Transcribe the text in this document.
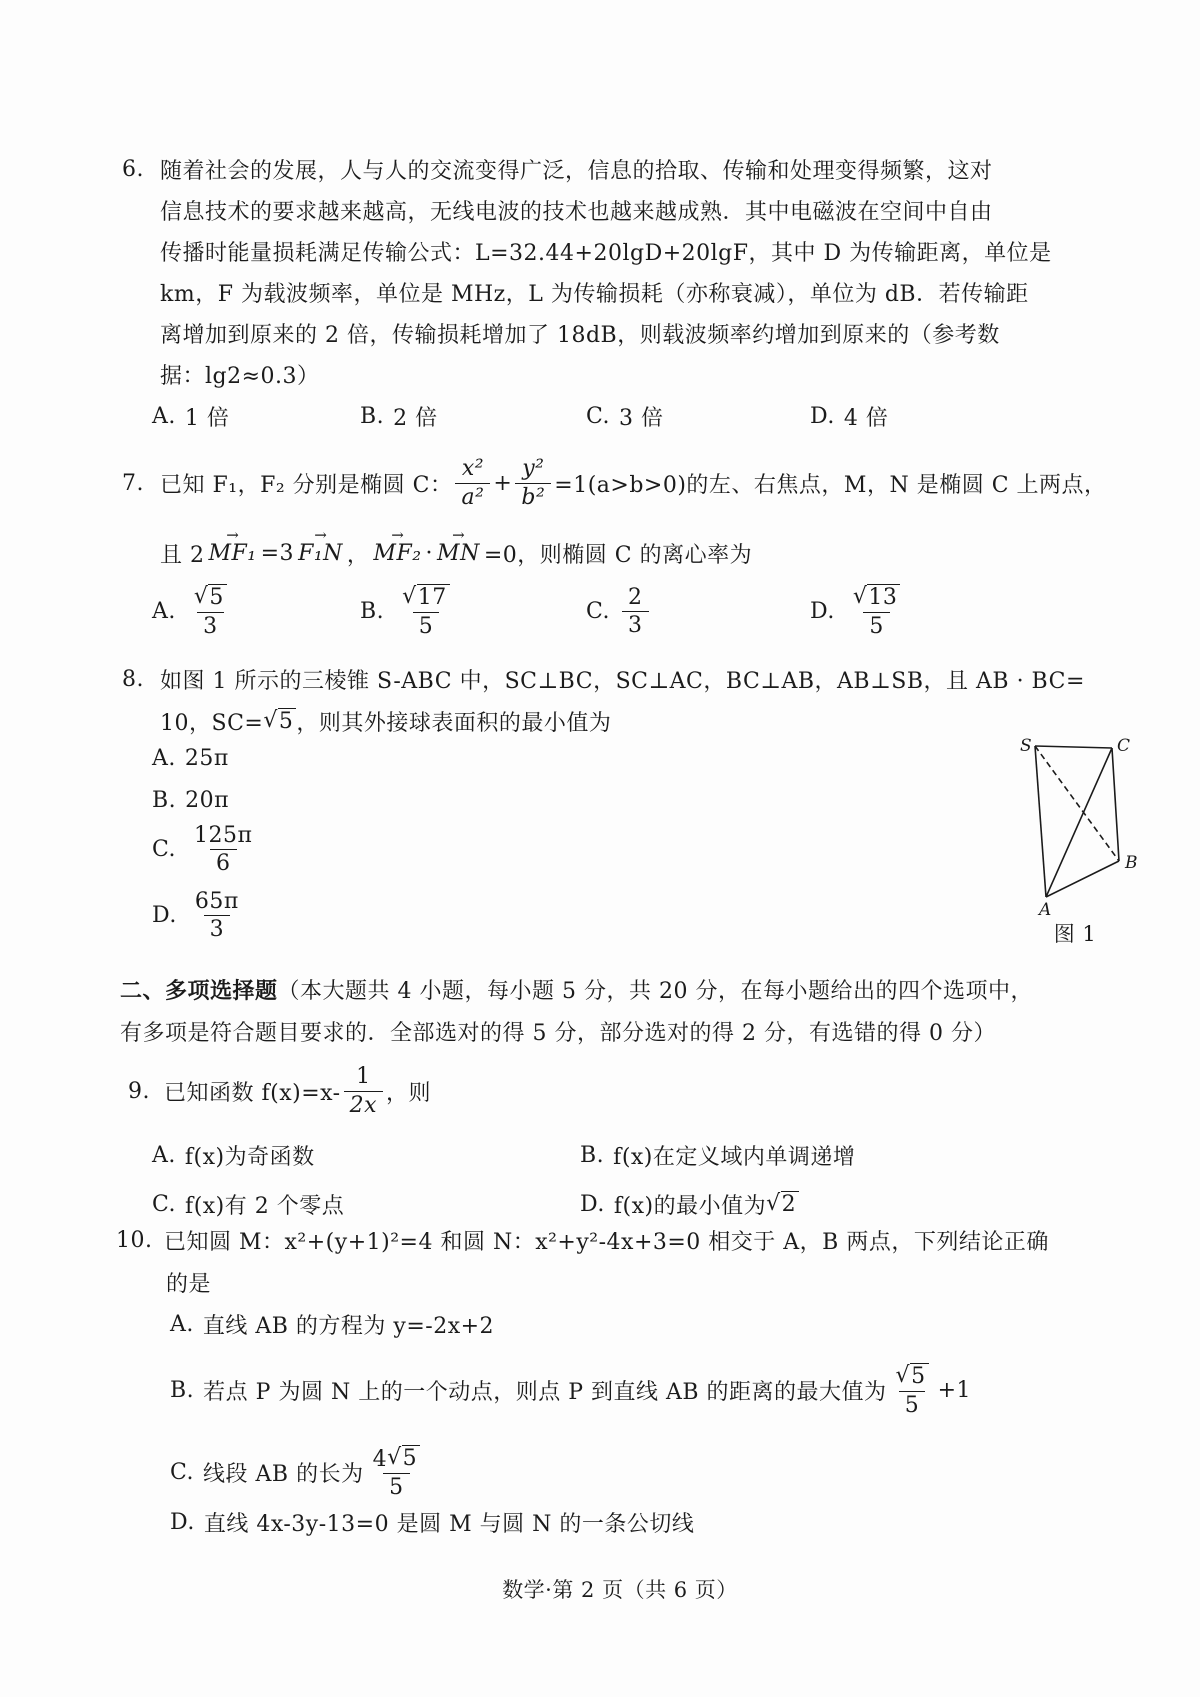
6. 随着社会的发展，人与人的交流变得广泛，信息的拾取、传输和处理变得频繁，这对
信息技术的要求越来越高，无线电波的技术也越来越成熟．其中电磁波在空间中自由
传播时能量损耗满足传输公式：L=32.44+20lgD+20lgF，其中 D 为传输距离，单位是
km，F 为载波频率，单位是 MHz，L 为传输损耗（亦称衰减），单位为 dB．若传输距
离增加到原来的 2 倍，传输损耗增加了 18dB，则载波频率约增加到原来的（参考数
据：lg2≈0.3）
A. 1 倍	B. 2 倍	C. 3 倍	D. 4 倍
7. 已知 F₁，F₂ 分别是椭圆 C： $\frac{\text{x²}}{\text{a²}} + \frac{\text{y²}}{\text{b²}} =1(a>b>0)$的左、右焦点，M，N 是椭圆 C 上两点，
且 2
→
MF₁ =3
→
F₁N ，
→
MF₂ ·
→
MN =0，则椭圆 C 的离心率为
A. $\frac{√ 5}{3}$	B. $\frac{√ 17}{5}$	C. $\frac{2}{3}$	D. $\frac{√ 13}{5}$
8. 如图 1 所示的三棱锥 S-ABC 中，SC⊥BC，SC⊥AC，BC⊥AB，AB⊥SB，且 AB · BC=
10，SC= √ 5 ，则其外接球表面积的最小值为
A. 25π
B. 20π
C. $\frac{125\pi}{6}$
D. $\frac{65\pi}{3}$
S	C
B
A
图 1
二、多项选择题 （本大题共 4 小题，每小题 5 分，共 20 分，在每小题给出的四个选项中，
有多项是符合题目要求的．全部选对的得 5 分，部分选对的得 2 分，有选错的得 0 分）
9. 已知函数 $f(x)=x- \frac{1}{2x}$ ，则
A. f(x)为奇函数	B. f(x)在定义域内单调递增
C. f(x)有 2 个零点	D. f(x)的最小值为 √ 2
10. 已知圆 M：x²+(y+1)²=4 和圆 N：x²+y²-4x+3=0 相交于 A，B 两点，下列结论正确
的是
A. 直线 AB 的方程为 y=-2x+2
B. 若点 P 为圆 N 上的一个动点，则点 P 到直线 AB 的距离的最大值为 $\frac{√ 5}{5} +1$
C. 线段 AB 的长为 $\frac{4 √ 5}{5}$
D. 直线 4x-3y-13=0 是圆 M 与圆 N 的一条公切线
数学·第 2 页（共 6 页）
